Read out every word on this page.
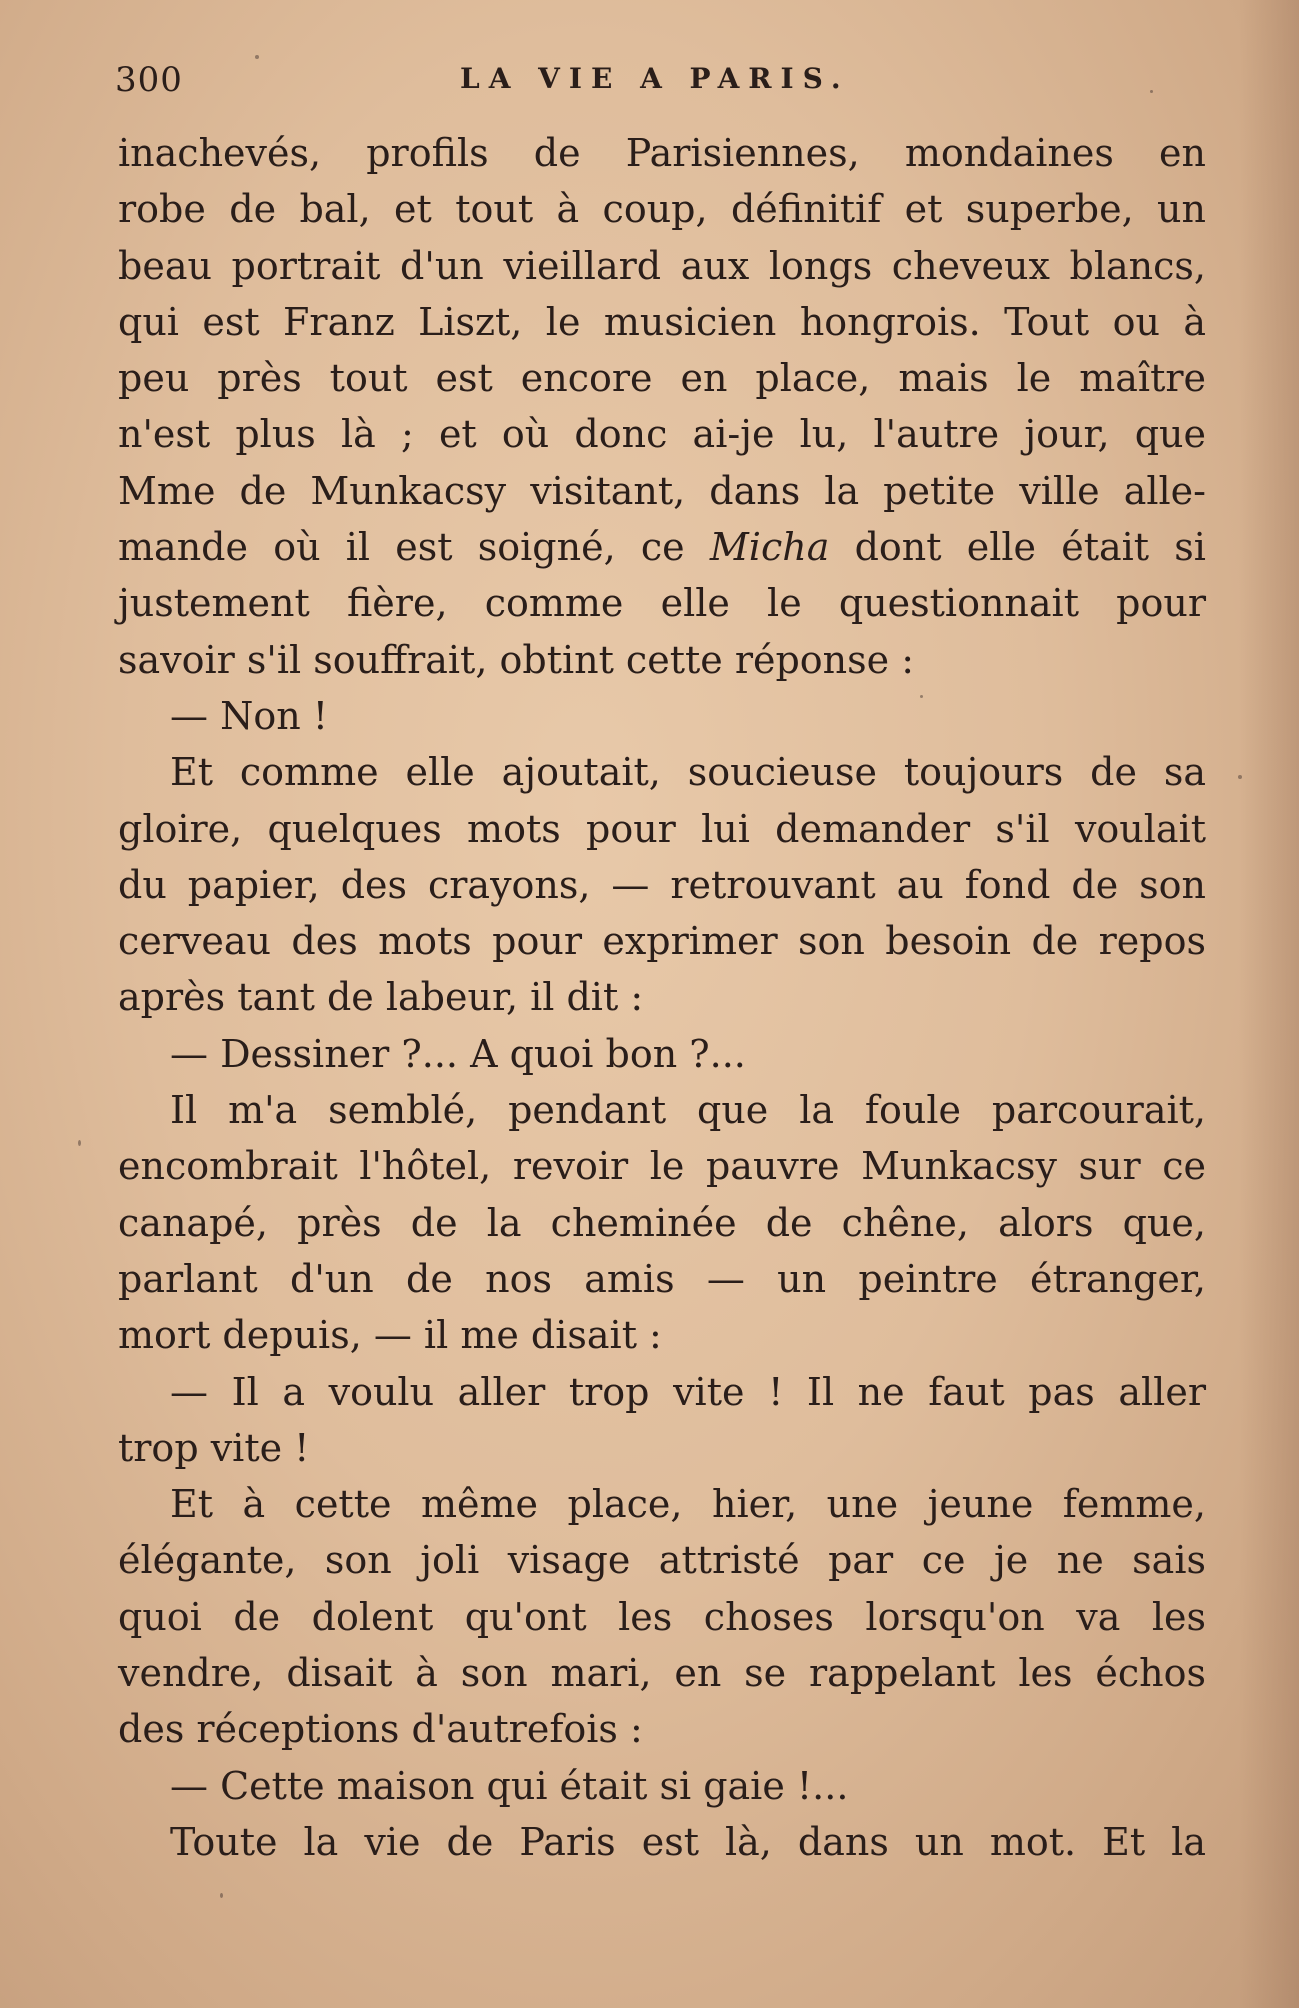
300	LA VIE A PARIS.
inachevés, profils de Parisiennes, mondaines en
robe de bal, et tout à coup, définitif et superbe, un
beau portrait d'un vieillard aux longs cheveux blancs,
qui est Franz Liszt, le musicien hongrois. Tout ou à
peu près tout est encore en place, mais le maître
n'est plus là ; et où donc ai-je lu, l'autre jour, que
Mme de Munkacsy visitant, dans la petite ville alle-
mande où il est soigné, ce Micha dont elle était si
justement fière, comme elle le questionnait pour
savoir s'il souffrait, obtint cette réponse :
— Non !
Et comme elle ajoutait, soucieuse toujours de sa
gloire, quelques mots pour lui demander s'il voulait
du papier, des crayons, — retrouvant au fond de son
cerveau des mots pour exprimer son besoin de repos
après tant de labeur, il dit :
— Dessiner ?... A quoi bon ?...
Il m'a semblé, pendant que la foule parcourait,
encombrait l'hôtel, revoir le pauvre Munkacsy sur ce
canapé, près de la cheminée de chêne, alors que,
parlant d'un de nos amis — un peintre étranger,
mort depuis, — il me disait :
— Il a voulu aller trop vite ! Il ne faut pas aller
trop vite !
Et à cette même place, hier, une jeune femme,
élégante, son joli visage attristé par ce je ne sais
quoi de dolent qu'ont les choses lorsqu'on va les
vendre, disait à son mari, en se rappelant les échos
des réceptions d'autrefois :
— Cette maison qui était si gaie !...
Toute la vie de Paris est là, dans un mot. Et la
